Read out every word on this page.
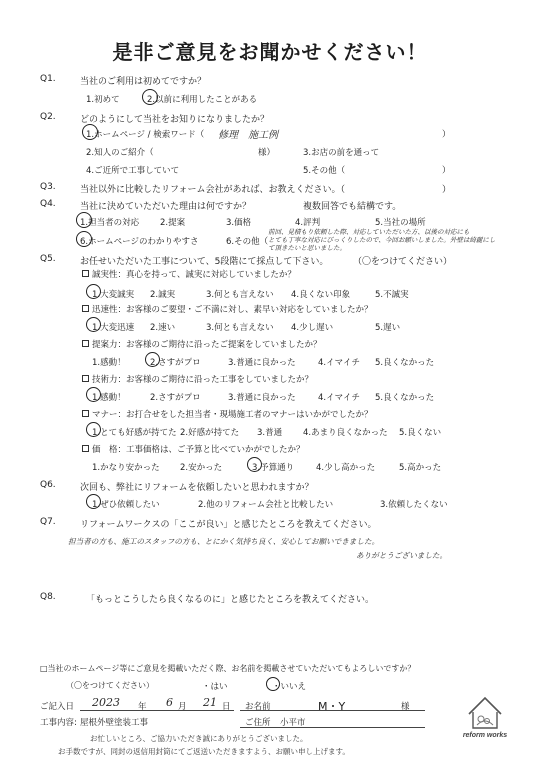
是非ご意見をお聞かせください！
Q1.	当社のご利用は初めてですか？
1.初めて	2.以前に利用したことがある
Q2.	どのようにして当社をお知りになりましたか？
1.ホームページ / 検索ワード（ 修理　施工例	）
2.知人のご紹介（	様）	3.お店の前を通って
4.ご近所で工事していて	5.その他（	）
Q3.	当社以外に比較したリフォーム会社があれば、お教えください。（	）
Q4.	当社に決めていただいた理由は何ですか？	複数回答でも結構です。
1.担当者の対応 2.提案	3.価格	4.評判	5.当社の場所
6.ホームページのわかりやすさ	6.その他（
前回、見積もり依頼した際、対応していただいた方、以後の対応にも
とても丁寧な対応にびっくりしたので、今回お願いしました。外壁は綺麗にして頂きたいと思いました。
Q5.	お任せいただいた工事について、5段階にて採点して下さい。	（〇をつけてください）
誠実性：真心を持って、誠実に対応していましたか？
1.大変誠実 2.誠実	3.何とも言えない 4.良くない印象	5.不誠実
迅速性：お客様のご要望・ご不満に対し、素早い対応をしていましたか？
1.大変迅速 2.速い	3.何とも言えない 4.少し遅い	5.遅い
提案力：お客様のご期待に沿ったご提案をしていましたか？
1.感動！	2.さすがプロ	3.普通に良かった	4.イマイチ 5.良くなかった
技術力：お客様のご期待に沿った工事をしていましたか？
1.感動！	2.さすがプロ	3.普通に良かった	4.イマイチ 5.良くなかった
マナー：お打合せをした担当者・現場施工者のマナーはいかがでしたか？
1.とても好感が持てた 2.好感が持てた 3.普通 4.あまり良くなかった 5.良くない
価　格：工事価格は、ご予算と比べていかがでしたか？
1.かなり安かった 2.安かった	3.予算通り	4.少し高かった	5.高かった
Q6.	次回も、弊社にリフォームを依頼したいと思われますか？
1.ぜひ依頼したい	2.他のリフォーム会社と比較したい	3.依頼したくない
Q7.	リフォームワークスの「ここが良い」と感じたところを教えてください。
担当者の方も、施工のスタッフの方も、とにかく気持ち良く、安心してお願いできました。
ありがとうございました。
Q8.	「もっとこうしたら良くなるのに」と感じたところを教えてください。
□当社のホームページ等にご意見を掲載いただく際、お名前を掲載させていただいてもよろしいですか？
（〇をつけてください）	・はい	・いいえ
ご記入日 2023 年 6 月 21 日 お名前	M・Y	様
工事内容: 屋根外壁塗装工事	ご住所 小平市
お忙しいところ、ご協力いただき誠にありがとうございました。
お手数ですが、同封の返信用封筒にてご返送いただきますよう、お願い申し上げます。
reform works
